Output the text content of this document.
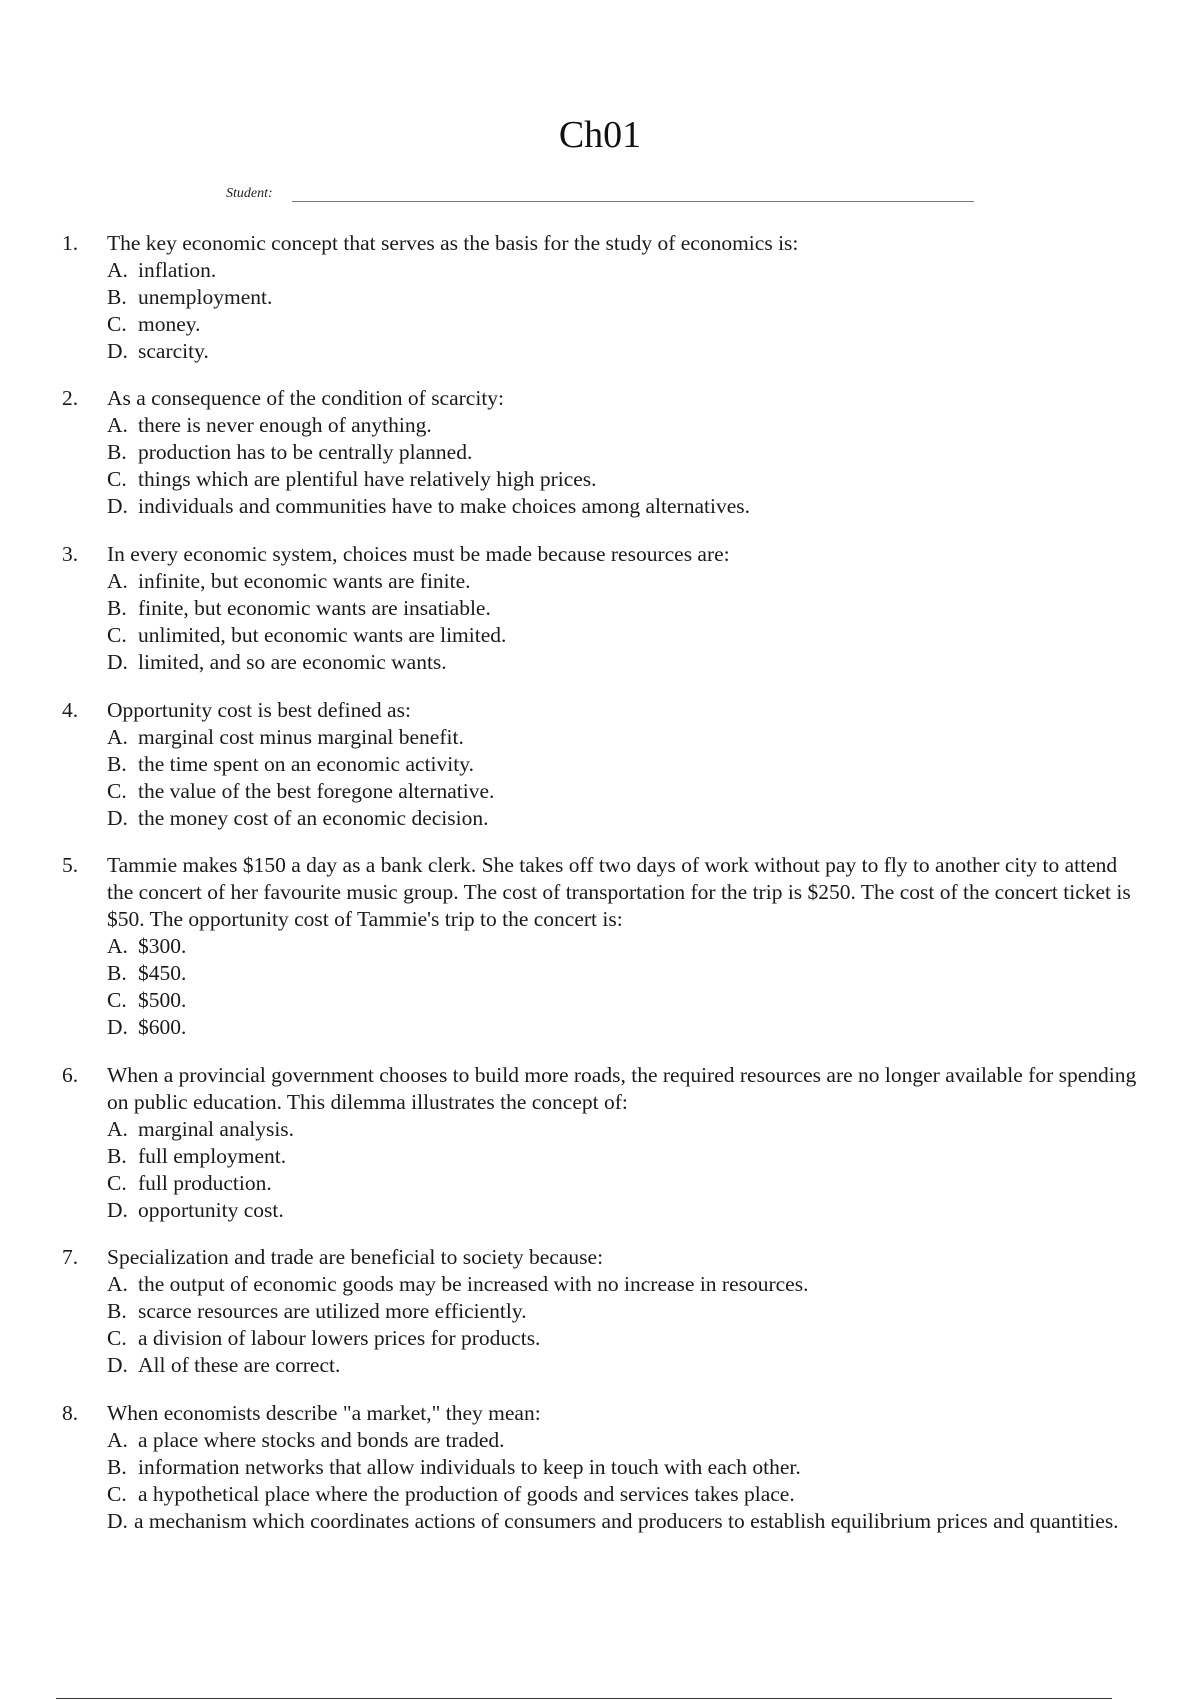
Ch01
Student:
1.	The key economic concept that serves as the basis for the study of economics is:
A. inflation.
B. unemployment.
C. money.
D. scarcity.
2.	As a consequence of the condition of scarcity:
A. there is never enough of anything.
B. production has to be centrally planned.
C. things which are plentiful have relatively high prices.
D. individuals and communities have to make choices among alternatives.
3.	In every economic system, choices must be made because resources are:
A. infinite, but economic wants are finite.
B. finite, but economic wants are insatiable.
C. unlimited, but economic wants are limited.
D. limited, and so are economic wants.
4.	Opportunity cost is best defined as:
A. marginal cost minus marginal benefit.
B. the time spent on an economic activity.
C. the value of the best foregone alternative.
D. the money cost of an economic decision.
5.	Tammie makes $150 a day as a bank clerk. She takes off two days of work without pay to fly to another city to attend the concert of her favourite music group. The cost of transportation for the trip is $250. The cost of the concert ticket is $50. The opportunity cost of Tammie's trip to the concert is:
A. $300.
B. $450.
C. $500.
D. $600.
6.	When a provincial government chooses to build more roads, the required resources are no longer available for spending on public education. This dilemma illustrates the concept of:
A. marginal analysis.
B. full employment.
C. full production.
D. opportunity cost.
7.	Specialization and trade are beneficial to society because:
A. the output of economic goods may be increased with no increase in resources.
B. scarce resources are utilized more efficiently.
C. a division of labour lowers prices for products.
D. All of these are correct.
8.	When economists describe "a market," they mean:
A. a place where stocks and bonds are traded.
B. information networks that allow individuals to keep in touch with each other.
C. a hypothetical place where the production of goods and services takes place.
D. a mechanism which coordinates actions of consumers and producers to establish equilibrium prices and quantities.
